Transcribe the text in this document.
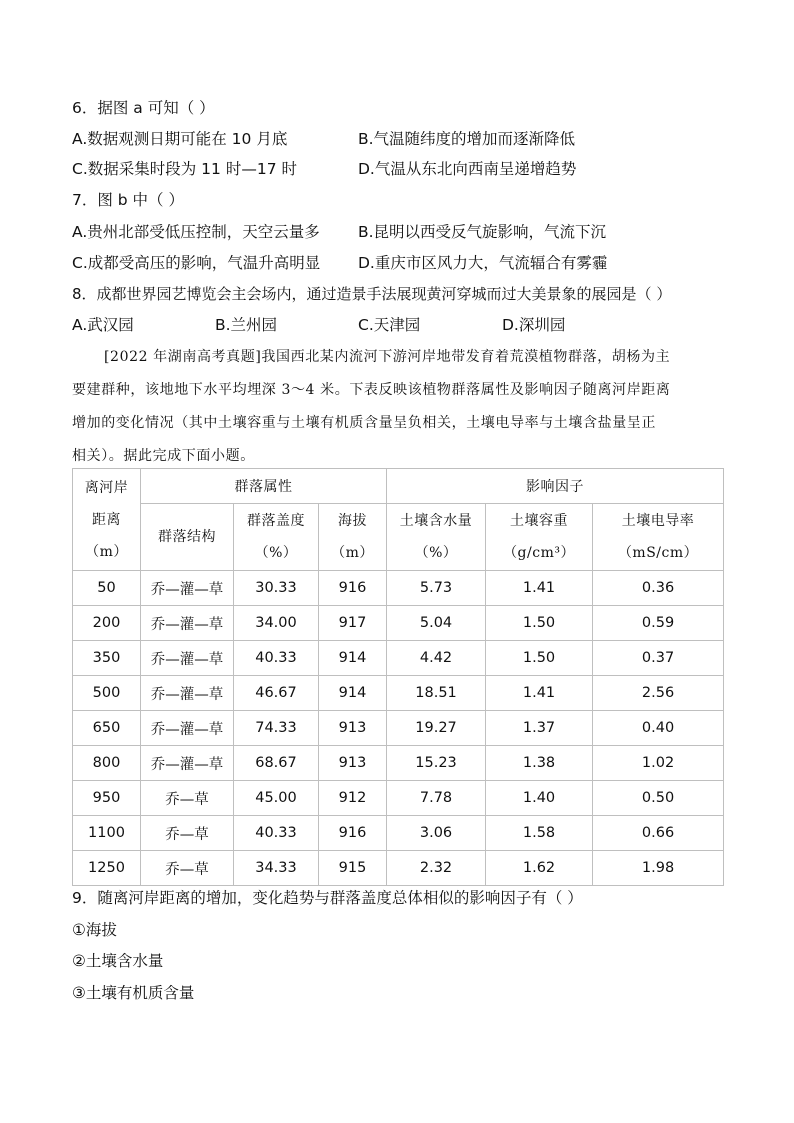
6．据图 a 可知（ ）
A.数据观测日期可能在 10 月底	B.气温随纬度的增加而逐渐降低
C.数据采集时段为 11 时—17 时	D.气温从东北向西南呈递增趋势
7．图 b 中（ ）
A.贵州北部受低压控制，天空云量多 B.昆明以西受反气旋影响，气流下沉
C.成都受高压的影响，气温升高明显 D.重庆市区风力大，气流辐合有雾霾
8．成都世界园艺博览会主会场内，通过造景手法展现黄河穿城而过大美景象的展园是（ ）
A.武汉园	B.兰州园	C.天津园	D.深圳园
[2022 年湖南高考真题]我国西北某内流河下游河岸地带发育着荒漠植物群落，胡杨为主
要建群种，该地地下水平均埋深 3～4 米。下表反映该植物群落属性及影响因子随离河岸距离
增加的变化情况（其中土壤容重与土壤有机质含量呈负相关，土壤电导率与土壤含盐量呈正
相关）。据此完成下面小题。
离河岸距离（m）	群落属性			影响因子		
	群落结构	群落盖度（%）	海拔（m）	土壤含水量（%）	土壤容重（g/cm³）	土壤电导率（mS/cm）
50	乔—灌—草	30.33	916	5.73	1.41	0.36
200	乔—灌—草	34.00	917	5.04	1.50	0.59
350	乔—灌—草	40.33	914	4.42	1.50	0.37
500	乔—灌—草	46.67	914	18.51	1.41	2.56
650	乔—灌—草	74.33	913	19.27	1.37	0.40
800	乔—灌—草	68.67	913	15.23	1.38	1.02
950	乔—草	45.00	912	7.78	1.40	0.50
1100	乔—草	40.33	916	3.06	1.58	0.66
1250	乔—草	34.33	915	2.32	1.62	1.98
9．随离河岸距离的增加，变化趋势与群落盖度总体相似的影响因子有（ ）
①海拔
②土壤含水量
③土壤有机质含量
